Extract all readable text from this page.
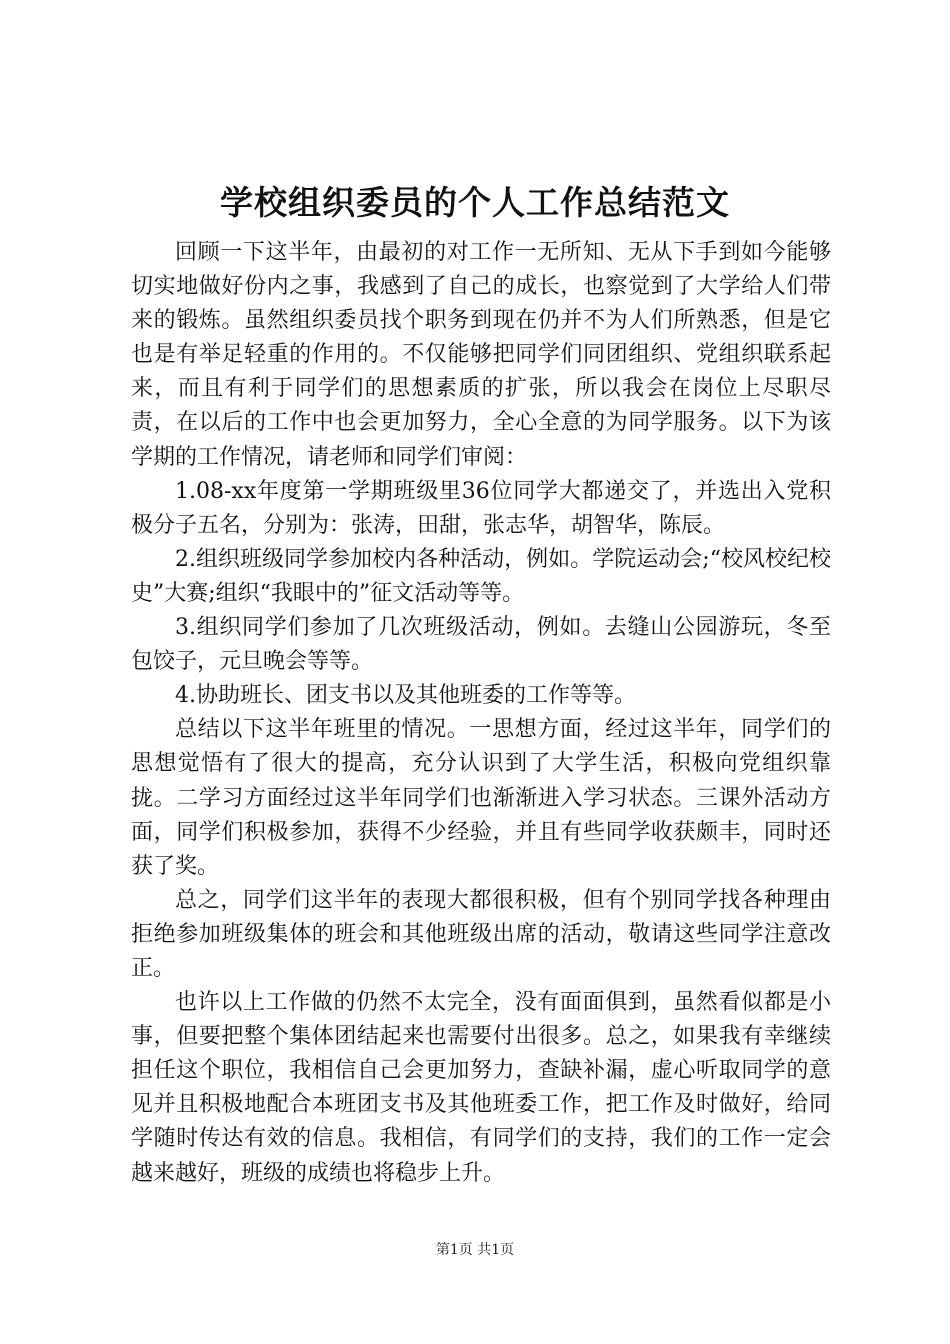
学校组织委员的个人工作总结范文

回顾一下这半年，由最初的对工作一无所知、无从下手到如今能够切实地做好份内之事，我感到了自己的成长，也察觉到了大学给人们带来的锻炼。虽然组织委员找个职务到现在仍并不为人们所熟悉，但是它也是有举足轻重的作用的。不仅能够把同学们同团组织、党组织联系起来，而且有利于同学们的思想素质的扩张，所以我会在岗位上尽职尽责，在以后的工作中也会更加努力，全心全意的为同学服务。以下为该学期的工作情况，请老师和同学们审阅：

1.08-xx年度第一学期班级里36位同学大都递交了，并选出入党积极分子五名，分别为：张涛，田甜，张志华，胡智华，陈辰。

2.组织班级同学参加校内各种活动，例如。学院运动会;“校风校纪校史”大赛;组织“我眼中的”征文活动等等。

3.组织同学们参加了几次班级活动，例如。去缝山公园游玩，冬至包饺子，元旦晚会等等。

4.协助班长、团支书以及其他班委的工作等等。

总结以下这半年班里的情况。一思想方面，经过这半年，同学们的思想觉悟有了很大的提高，充分认识到了大学生活，积极向党组织靠拢。二学习方面经过这半年同学们也渐渐进入学习状态。三课外活动方面，同学们积极参加，获得不少经验，并且有些同学收获颇丰，同时还获了奖。

总之，同学们这半年的表现大都很积极，但有个别同学找各种理由拒绝参加班级集体的班会和其他班级出席的活动，敬请这些同学注意改正。

也许以上工作做的仍然不太完全，没有面面俱到，虽然看似都是小事，但要把整个集体团结起来也需要付出很多。总之，如果我有幸继续担任这个职位，我相信自己会更加努力，查缺补漏，虚心听取同学的意见并且积极地配合本班团支书及其他班委工作，把工作及时做好，给同学随时传达有效的信息。我相信，有同学们的支持，我们的工作一定会越来越好，班级的成绩也将稳步上升。

第1页 共1页
